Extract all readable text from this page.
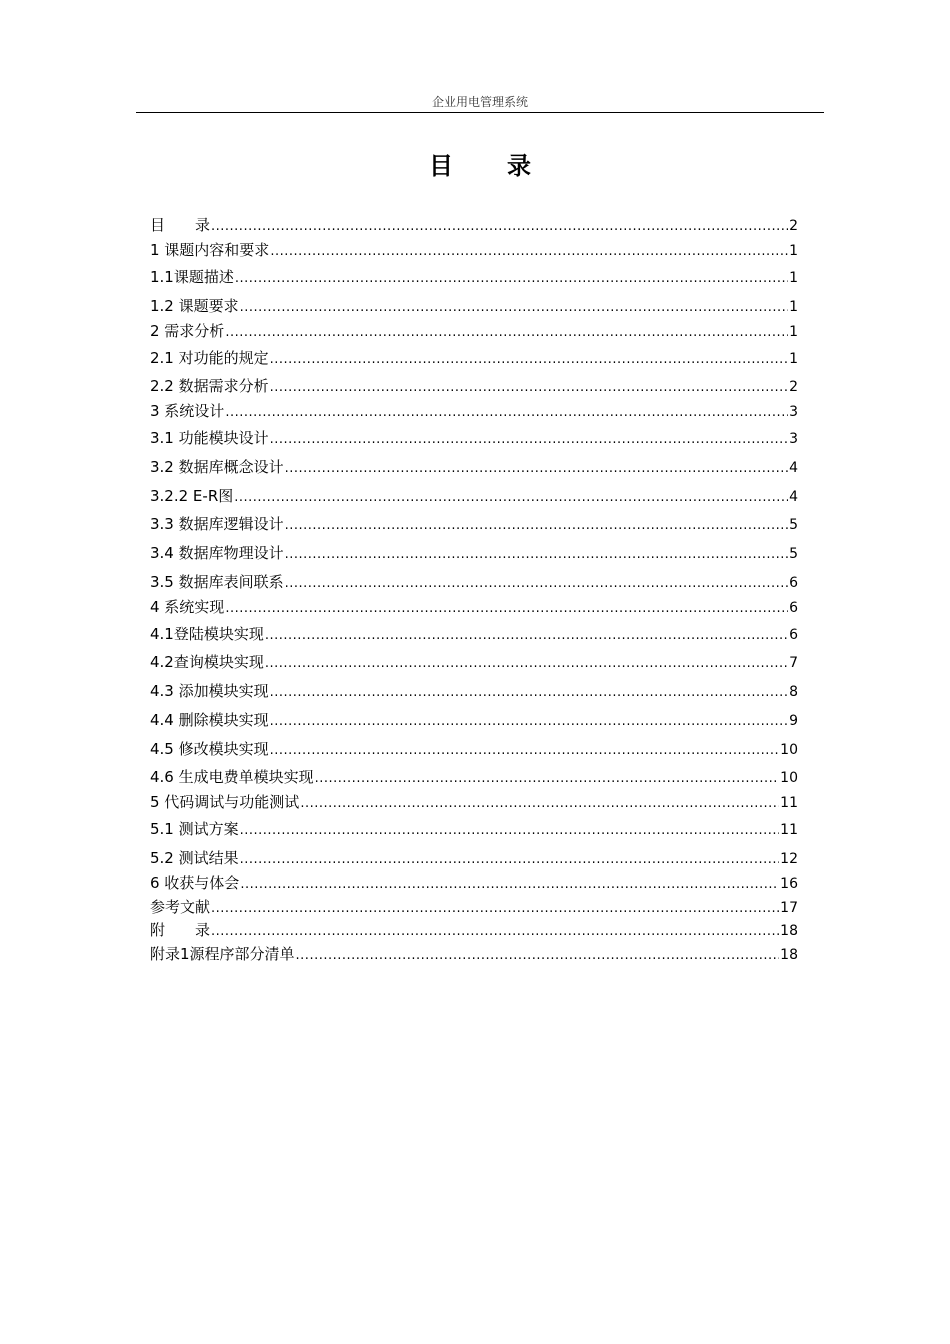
企业用电管理系统
目录
目　　录 .....	2
1 课题内容和要求 .....	1
1.1课题描述 .....	1
1.2 课题要求 .....	1
2 需求分析 .....	1
2.1 对功能的规定 .....	1
2.2 数据需求分析 .....	2
3 系统设计 .....	3
3.1 功能模块设计 .....	3
3.2 数据库概念设计 .....	4
3.2.2 E-R图 .....	4
3.3 数据库逻辑设计 .....	5
3.4 数据库物理设计 .....	5
3.5 数据库表间联系 .....	6
4 系统实现 .....	6
4.1登陆模块实现 .....	6
4.2查询模块实现 .....	7
4.3 添加模块实现 .....	8
4.4 删除模块实现 .....	9
4.5 修改模块实现 .....	10
4.6 生成电费单模块实现 .....	10
5 代码调试与功能测试 .....	11
5.1 测试方案 .....	11
5.2 测试结果 .....	12
6 收获与体会 .....	16
参考文献 .....	17
附　　录 .....	18
附录1源程序部分清单 .....	18
